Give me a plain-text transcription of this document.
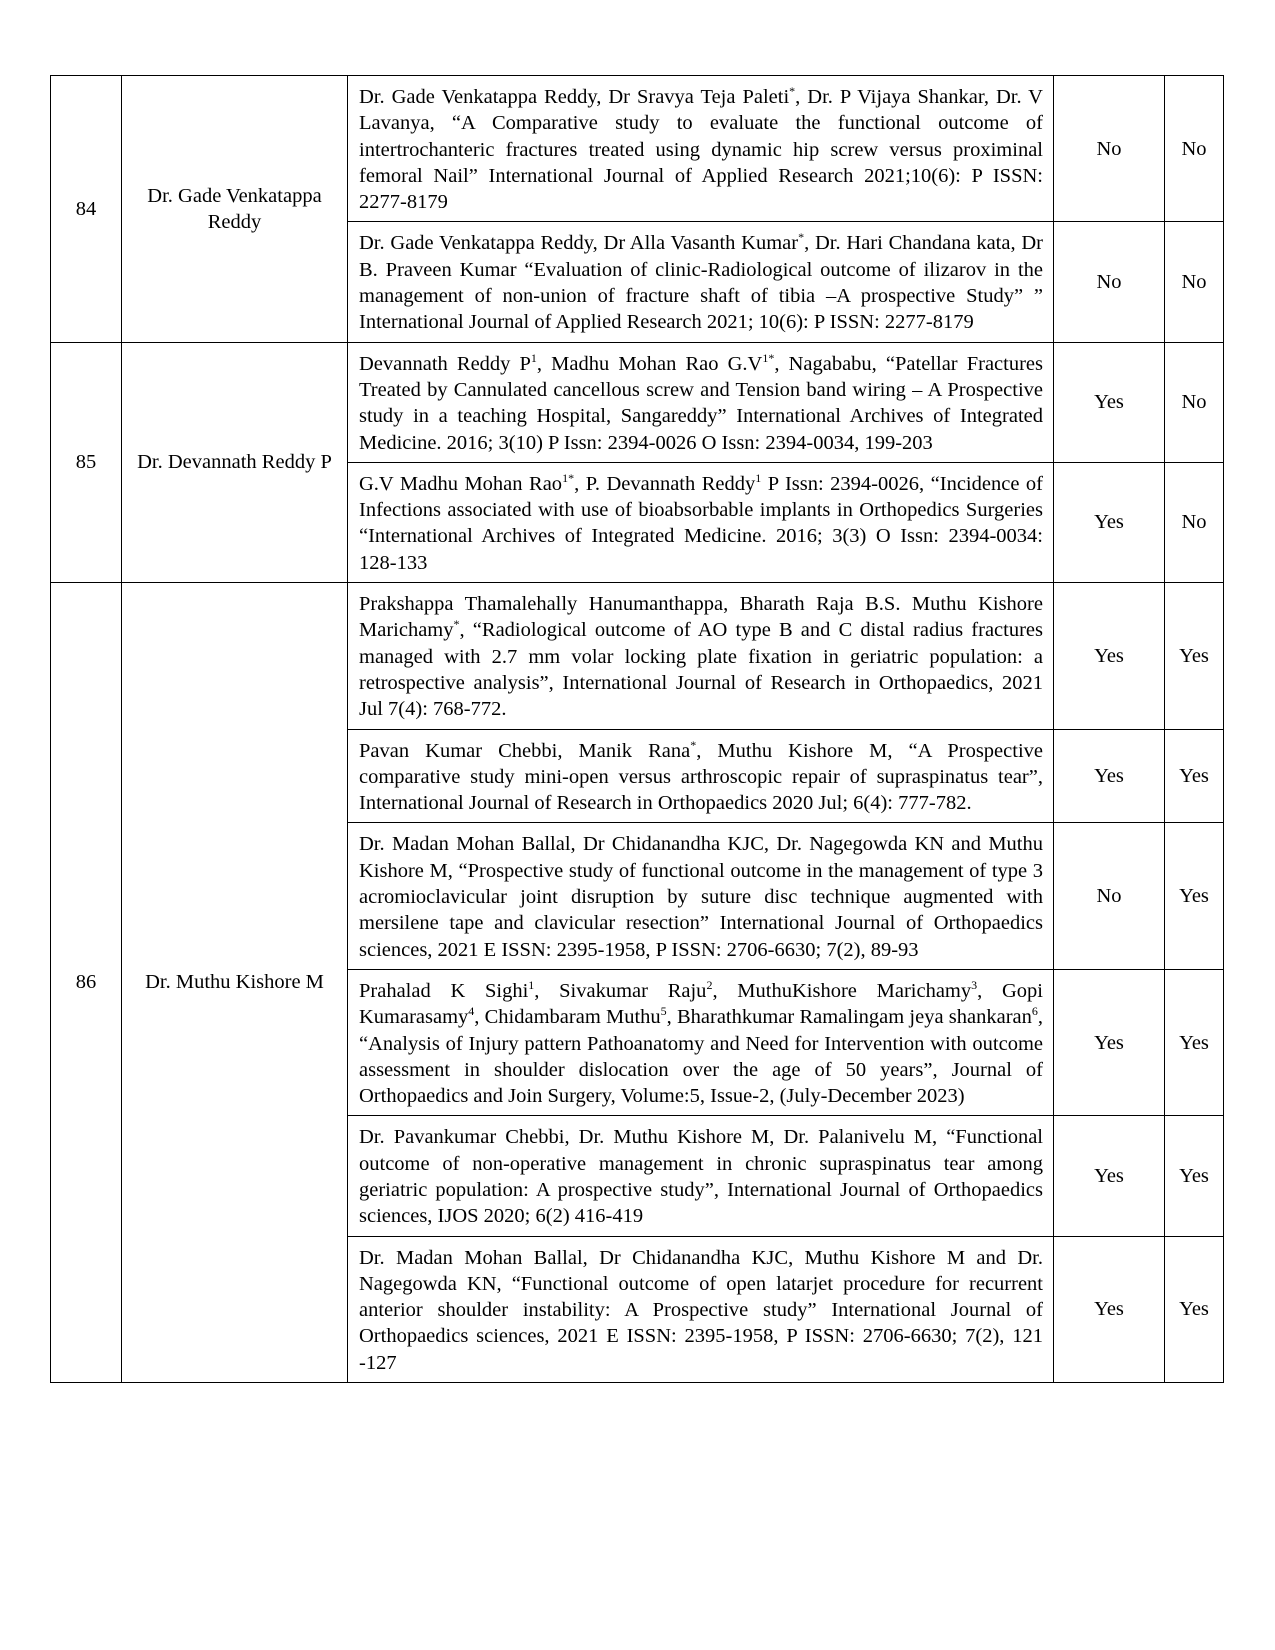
84	Dr. Gade Venkatappa Reddy	Dr. Gade Venkatappa Reddy, Dr Sravya Teja Paleti*, Dr. P Vijaya Shankar, Dr. V Lavanya, “A Comparative study to evaluate the functional outcome of intertrochanteric fractures treated using dynamic hip screw versus proximinal femoral Nail” International Journal of Applied Research 2021;10(6): P ISSN: 2277-8179	No	No
		Dr. Gade Venkatappa Reddy, Dr Alla Vasanth Kumar*, Dr. Hari Chandana kata, Dr B. Praveen Kumar “Evaluation of clinic-Radiological outcome of ilizarov in the management of non-union of fracture shaft of tibia –A prospective Study” ” International Journal of Applied Research 2021; 10(6): P ISSN: 2277-8179	No	No
85	Dr. Devannath Reddy P	Devannath Reddy $P^1$, Madhu Mohan Rao $G.V^{1*}$, Nagababu, “Patellar Fractures Treated by Cannulated cancellous screw and Tension band wiring – A Prospective study in a teaching Hospital, Sangareddy” International Archives of Integrated Medicine. 2016; 3(10) P Issn: 2394-0026 O Issn: 2394-0034, 199-203	Yes	No
		G.V Madhu Mohan Rao$^{1*}$, P. Devannath Reddy$^1$ P Issn: 2394-0026, “Incidence of Infections associated with use of bioabsorbable implants in Orthopedics Surgeries “International Archives of Integrated Medicine. 2016; 3(3) O Issn: 2394-0034: 128-133	Yes	No
86	Dr. Muthu Kishore M	Prakshappa Thamalehally Hanumanthappa, Bharath Raja B.S. Muthu Kishore Marichamy*, “Radiological outcome of AO type B and C distal radius fractures managed with 2.7 mm volar locking plate fixation in geriatric population: a retrospective analysis”, International Journal of Research in Orthopaedics, 2021 Jul 7(4): 768-772.	Yes	Yes
		Pavan Kumar Chebbi, Manik Rana*, Muthu Kishore M, “A Prospective comparative study mini-open versus arthroscopic repair of supraspinatus tear”, International Journal of Research in Orthopaedics 2020 Jul; 6(4): 777-782.	Yes	Yes
		Dr. Madan Mohan Ballal, Dr Chidanandha KJC, Dr. Nagegowda KN and Muthu Kishore M, “Prospective study of functional outcome in the management of type 3 acromioclavicular joint disruption by suture disc technique augmented with mersilene tape and clavicular resection” International Journal of Orthopaedics sciences, 2021 E ISSN: 2395-1958, P ISSN: 2706-6630; 7(2), 89-93	No	Yes
		Prahalad K Sighi$^1$, Sivakumar Raju$^2$, MuthuKishore Marichamy$^3$, Gopi Kumarasamy$^4$, Chidambaram Muthu$^5$, Bharathkumar Ramalingam jeya shankaran$^6$, “Analysis of Injury pattern Pathoanatomy and Need for Intervention with outcome assessment in shoulder dislocation over the age of 50 years”, Journal of Orthopaedics and Join Surgery, Volume:5, Issue-2, (July-December 2023)	Yes	Yes
		Dr. Pavankumar Chebbi, Dr. Muthu Kishore M, Dr. Palanivelu M, “Functional outcome of non-operative management in chronic supraspinatus tear among geriatric population: A prospective study”, International Journal of Orthopaedics sciences, IJOS 2020; 6(2) 416-419	Yes	Yes
		Dr. Madan Mohan Ballal, Dr Chidanandha KJC, Muthu Kishore M and Dr. Nagegowda KN, “Functional outcome of open latarjet procedure for recurrent anterior shoulder instability: A Prospective study” International Journal of Orthopaedics sciences, 2021 E ISSN: 2395-1958, P ISSN: 2706-6630; 7(2), 121 -127	Yes	Yes
